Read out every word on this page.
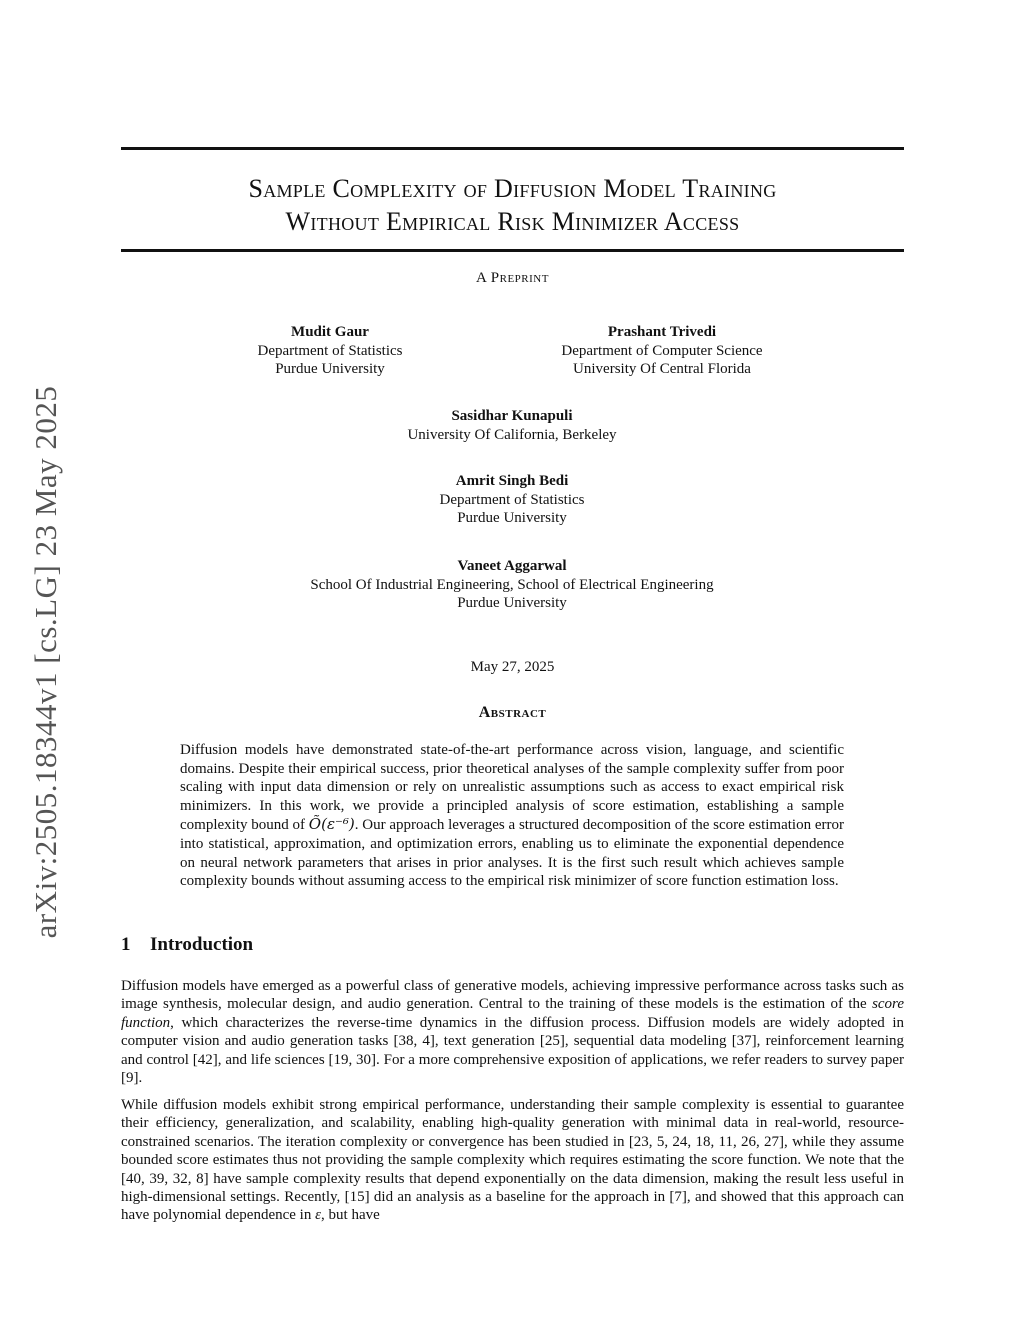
arXiv:2505.18344v1 [cs.LG] 23 May 2025
Sample Complexity of Diffusion Model Training
Without Empirical Risk Minimizer Access
A Preprint
Mudit Gaur
Department of Statistics
Purdue University
Prashant Trivedi
Department of Computer Science
University Of Central Florida
Sasidhar Kunapuli
University Of California, Berkeley
Amrit Singh Bedi
Department of Statistics
Purdue University
Vaneet Aggarwal
School Of Industrial Engineering, School of Electrical Engineering
Purdue University
May 27, 2025
Abstract
Diffusion models have demonstrated state-of-the-art performance across vision, language, and scientific domains. Despite their empirical success, prior theoretical analyses of the sample complexity suffer from poor scaling with input data dimension or rely on unrealistic assumptions such as access to exact empirical risk minimizers. In this work, we provide a principled analysis of score estimation, establishing a sample complexity bound of Õ(ε⁻⁶). Our approach leverages a structured decomposition of the score estimation error into statistical, approximation, and optimization errors, enabling us to eliminate the exponential dependence on neural network parameters that arises in prior analyses. It is the first such result which achieves sample complexity bounds without assuming access to the empirical risk minimizer of score function estimation loss.
1 Introduction

Diffusion models have emerged as a powerful class of generative models, achieving impressive performance across tasks such as image synthesis, molecular design, and audio generation. Central to the training of these models is the estimation of the score function, which characterizes the reverse-time dynamics in the diffusion process. Diffusion models are widely adopted in computer vision and audio generation tasks [38, 4], text generation [25], sequential data modeling [37], reinforcement learning and control [42], and life sciences [19, 30]. For a more comprehensive exposition of applications, we refer readers to survey paper [9].

While diffusion models exhibit strong empirical performance, understanding their sample complexity is essential to guarantee their efficiency, generalization, and scalability, enabling high-quality generation with minimal data in real-world, resource-constrained scenarios. The iteration complexity or convergence has been studied in [23, 5, 24, 18, 11, 26, 27], while they assume bounded score estimates thus not providing the sample complexity which requires estimating the score function. We note that the [40, 39, 32, 8] have sample complexity results that depend exponentially on the data dimension, making the result less useful in high-dimensional settings. Recently, [15] did an analysis as a baseline for the approach in [7], and showed that this approach can have polynomial dependence in ε, but have
